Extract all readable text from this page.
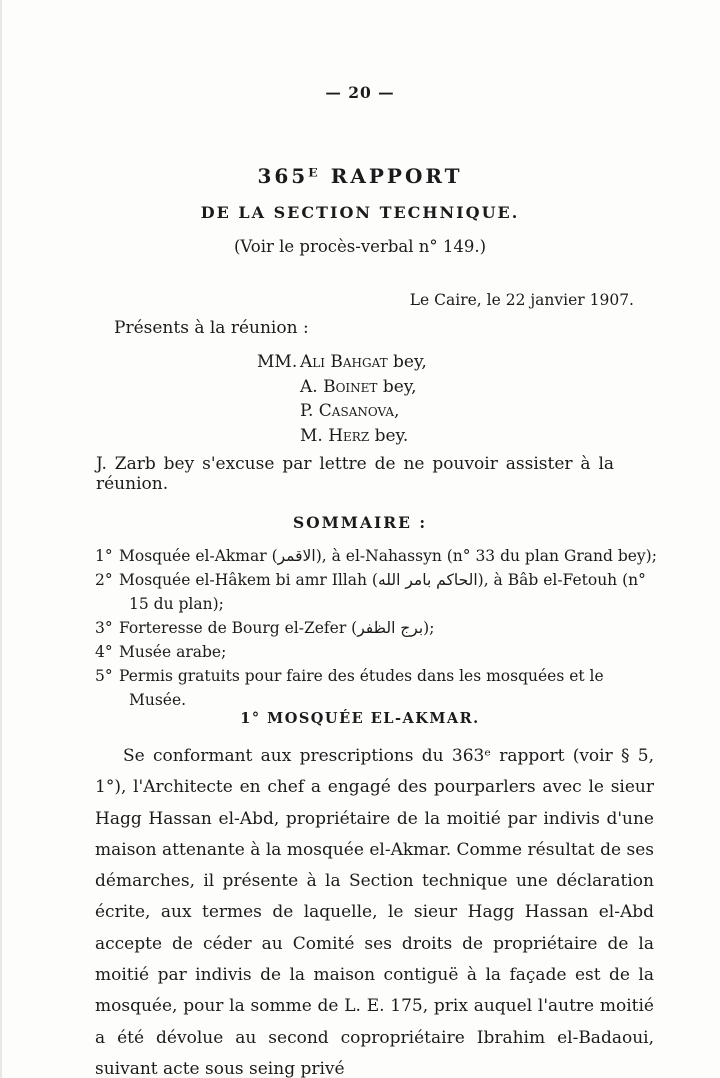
— 20 —
365ᴱ RAPPORT
DE LA SECTION TECHNIQUE.
(Voir le procès-verbal n° 149.)
Le Caire, le 22 janvier 1907.
Présents à la réunion :
MM. Ali Bahgat bey,
A. Boinet bey,
P. Casanova,
M. Herz bey.
J. Zarb bey s'excuse par lettre de ne pouvoir assister à la réunion.
SOMMAIRE :
1° Mosquée el-Akmar (الاقمر), à el-Nahassyn (n° 33 du plan Grand bey);
2° Mosquée el-Hâkem bi amr Illah (الحاكم بامر الله), à Bâb el-Fetouh (n° 15 du plan);
3° Forteresse de Bourg el-Zefer (برج الظفر);
4° Musée arabe;
5° Permis gratuits pour faire des études dans les mosquées et le Musée.
1° MOSQUÉE EL-AKMAR.

Se conformant aux prescriptions du 363ᵉ rapport (voir § 5, 1°), l'Architecte en chef a engagé des pourparlers avec le sieur Hagg Hassan el-Abd, propriétaire de la moitié par indivis d'une maison attenante à la mosquée el-Akmar. Comme résultat de ses démarches, il présente à la Section technique une déclaration écrite, aux termes de laquelle, le sieur Hagg Hassan el-Abd accepte de céder au Comité ses droits de propriétaire de la moitié par indivis de la maison contiguë à la façade est de la mosquée, pour la somme de L. E. 175, prix auquel l'autre moitié a été dévolue au second copropriétaire Ibrahim el-Badaoui, suivant acte sous seing privé
